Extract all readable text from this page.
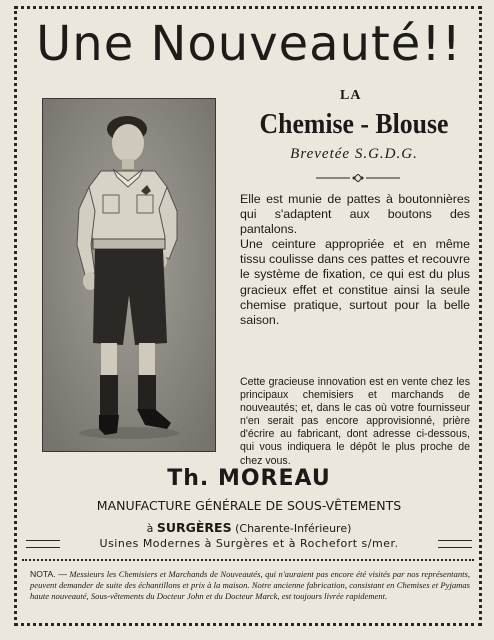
Une Nouveauté!!
LA
Chemise - Blouse
Brevetée S.G.D.G.

Elle est munie de pattes à boutonnières qui s'adaptent aux boutons des pantalons.

Une ceinture appropriée et en même tissu coulisse dans ces pattes et recouvre le système de fixation, ce qui est du plus gracieux effet et constitue ainsi la seule chemise pratique, surtout pour la belle saison.

Cette gracieuse innovation est en vente chez les principaux chemisiers et marchands de nouveautés; et, dans le cas où votre fournisseur n'en serait pas encore approvisionné, prière d'écrire au fabricant, dont adresse ci-dessous, qui vous indiquera le dépôt le plus proche de chez vous.

Th. MOREAU
MANUFACTURE GÉNÉRALE DE SOUS-VÊTEMENTS
à SURGÈRES (Charente-Inférieure)
Usines Modernes à Surgères et à Rochefort s/mer.
NOTA. — Messieurs les Chemisiers et Marchands de Nouveautés, qui n'auraient pas encore été visités par nos représentants, peuvent demander de suite des échantillons et prix à la maison. Notre ancienne fabrication, consistant en Chemises et Pyjamas haute nouveauté, Sous-vêtements du Docteur John et du Docteur Marck, est toujours livrée rapidement.
